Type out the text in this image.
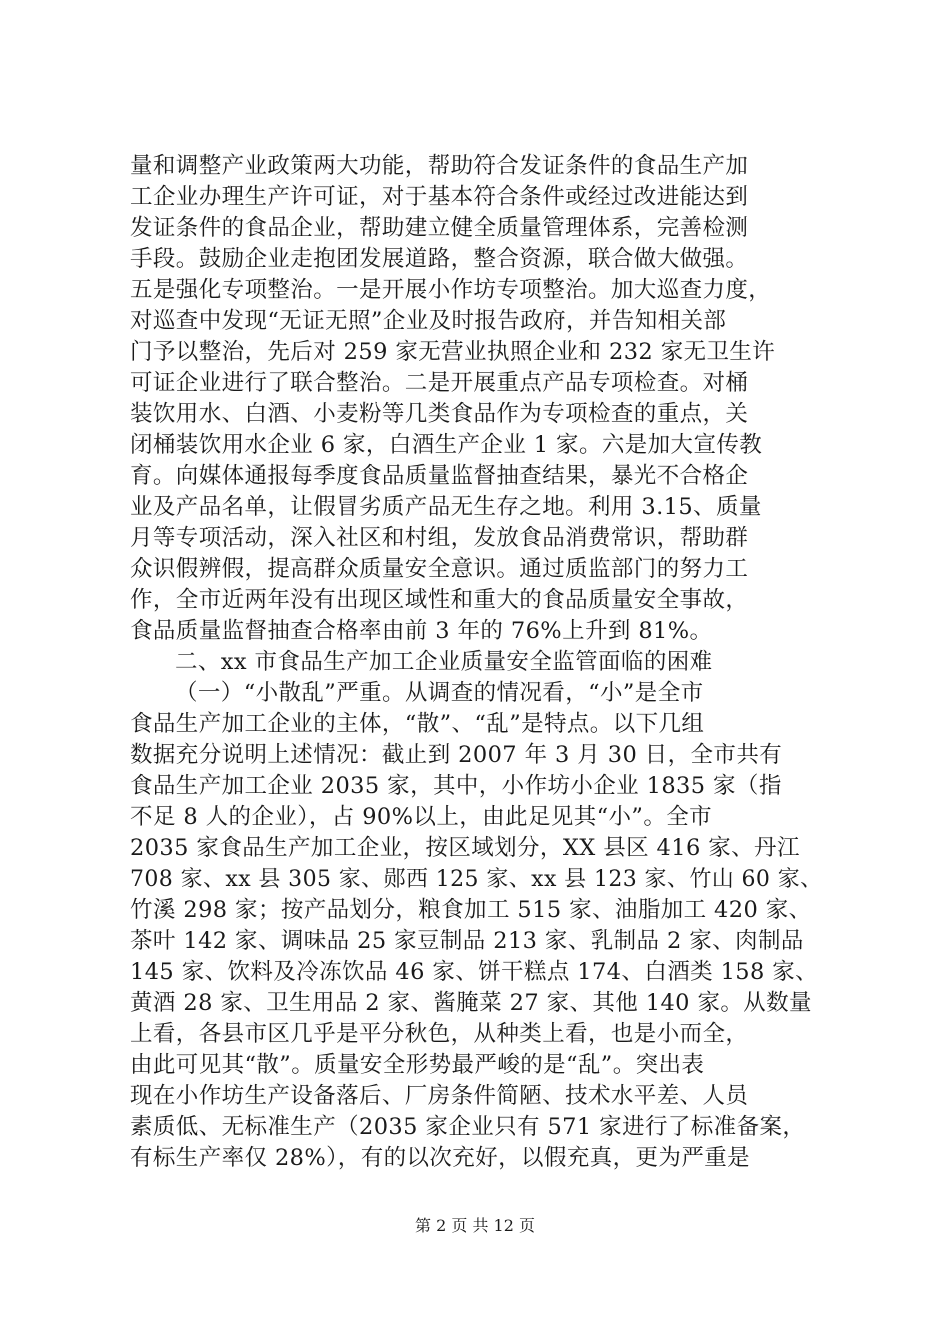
量和调整产业政策两大功能，帮助符合发证条件的食品生产加
工企业办理生产许可证，对于基本符合条件或经过改进能达到
发证条件的食品企业，帮助建立健全质量管理体系，完善检测
手段。鼓励企业走抱团发展道路，整合资源，联合做大做强。
五是强化专项整治。一是开展小作坊专项整治。加大巡查力度，
对巡查中发现“无证无照”企业及时报告政府，并告知相关部
门予以整治，先后对 259 家无营业执照企业和 232 家无卫生许
可证企业进行了联合整治。二是开展重点产品专项检查。对桶
装饮用水、白酒、小麦粉等几类食品作为专项检查的重点，关
闭桶装饮用水企业 6 家，白酒生产企业 1 家。六是加大宣传教
育。向媒体通报每季度食品质量监督抽查结果，暴光不合格企
业及产品名单，让假冒劣质产品无生存之地。利用 3.15、质量
月等专项活动，深入社区和村组，发放食品消费常识，帮助群
众识假辨假，提高群众质量安全意识。通过质监部门的努力工
作，全市近两年没有出现区域性和重大的食品质量安全事故，
食品质量监督抽查合格率由前 3 年的 76%上升到 81%。
二、xx 市食品生产加工企业质量安全监管面临的困难
（一）“小散乱”严重。从调查的情况看，“小”是全市
食品生产加工企业的主体，“散”、“乱”是特点。以下几组
数据充分说明上述情况：截止到 2007 年 3 月 30 日，全市共有
食品生产加工企业 2035 家，其中，小作坊小企业 1835 家（指
不足 8 人的企业），占 90%以上，由此足见其“小”。全市
2035 家食品生产加工企业，按区域划分，XX 县区 416 家、丹江
708 家、xx 县 305 家、郧西 125 家、xx 县 123 家、竹山 60 家、
竹溪 298 家；按产品划分，粮食加工 515 家、油脂加工 420 家、
茶叶 142 家、调味品 25 家豆制品 213 家、乳制品 2 家、肉制品
145 家、饮料及冷冻饮品 46 家、饼干糕点 174、白酒类 158 家、
黄酒 28 家、卫生用品 2 家、酱腌菜 27 家、其他 140 家。从数量
上看，各县市区几乎是平分秋色，从种类上看，也是小而全，
由此可见其“散”。质量安全形势最严峻的是“乱”。突出表
现在小作坊生产设备落后、厂房条件简陋、技术水平差、人员
素质低、无标准生产（2035 家企业只有 571 家进行了标准备案，
有标生产率仅 28%），有的以次充好，以假充真，更为严重是
第 2 页 共 12 页
